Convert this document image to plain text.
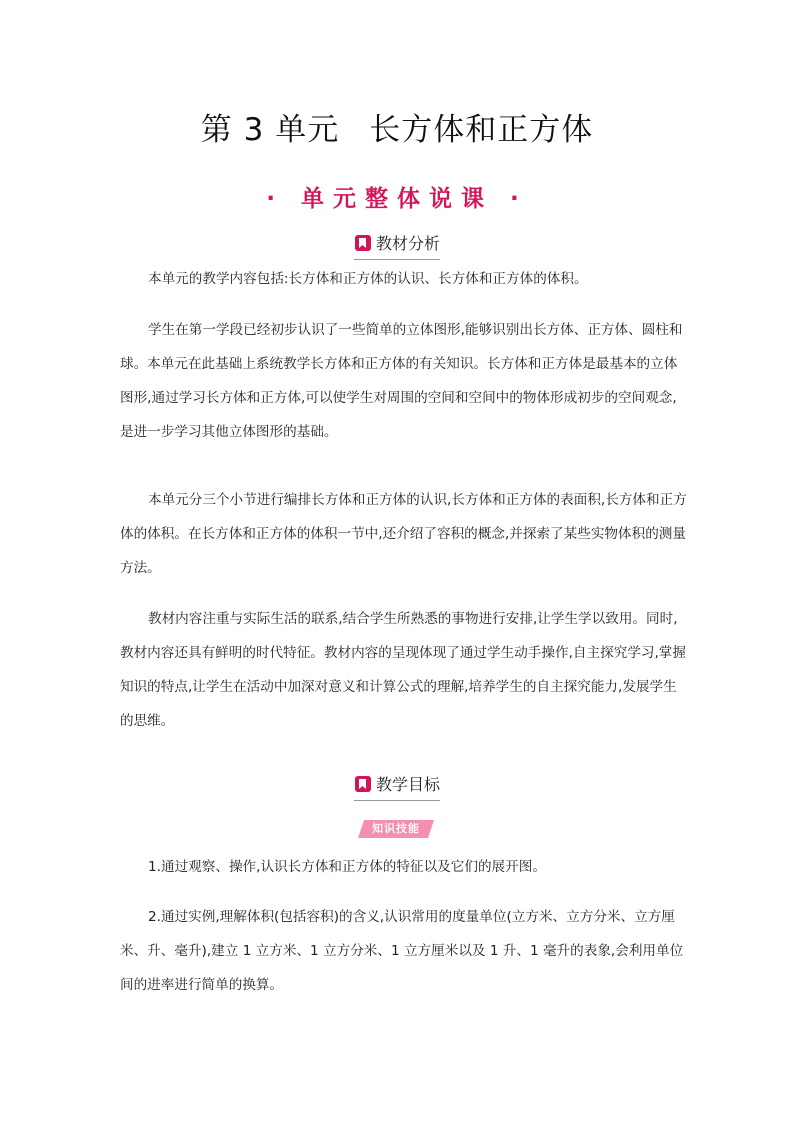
第 3 单元 长方体和正方体
· 单元整体说课 ·
教材分析

本单元的教学内容包括:长方体和正方体的认识、长方体和正方体的体积。

学生在第一学段已经初步认识了一些简单的立体图形,能够识别出长方体、正方体、圆柱和球。本单元在此基础上系统教学长方体和正方体的有关知识。长方体和正方体是最基本的立体图形,通过学习长方体和正方体,可以使学生对周围的空间和空间中的物体形成初步的空间观念,是进一步学习其他立体图形的基础。

本单元分三个小节进行编排长方体和正方体的认识,长方体和正方体的表面积,长方体和正方体的体积。在长方体和正方体的体积一节中,还介绍了容积的概念,并探索了某些实物体积的测量方法。

教材内容注重与实际生活的联系,结合学生所熟悉的事物进行安排,让学生学以致用。同时,教材内容还具有鲜明的时代特征。教材内容的呈现体现了通过学生动手操作,自主探究学习,掌握知识的特点,让学生在活动中加深对意义和计算公式的理解,培养学生的自主探究能力,发展学生的思维。

教学目标
知识技能

1.通过观察、操作,认识长方体和正方体的特征以及它们的展开图。

2.通过实例,理解体积(包括容积)的含义,认识常用的度量单位(立方米、立方分米、立方厘米、升、毫升),建立 1 立方米、1 立方分米、1 立方厘米以及 1 升、1 毫升的表象,会利用单位间的进率进行简单的换算。
